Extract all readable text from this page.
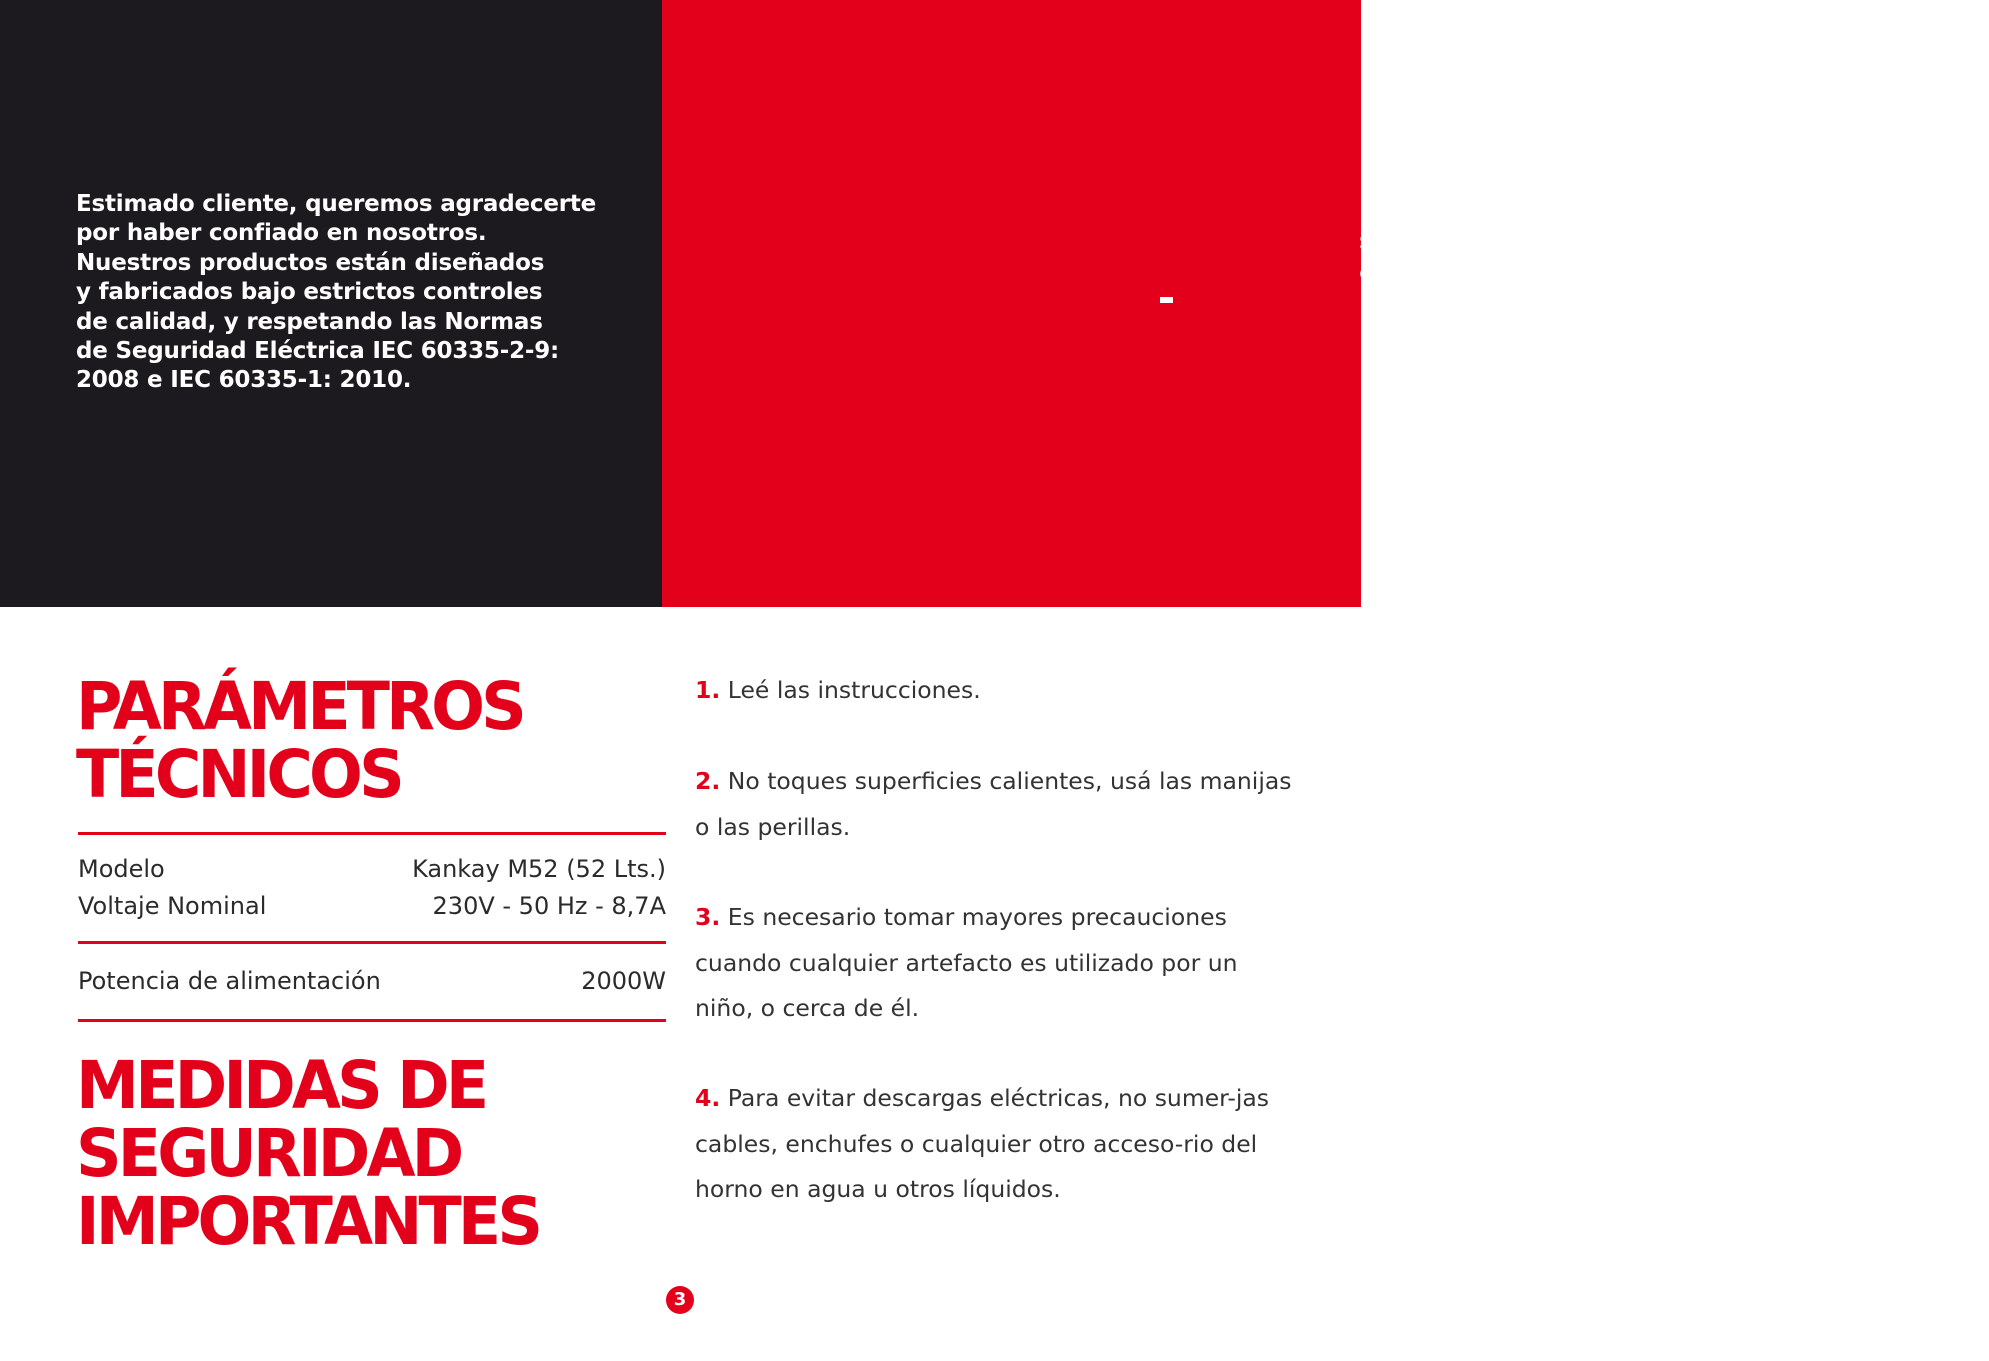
Estimado cliente, queremos agradecerte
por haber confiado en nosotros.
Nuestros productos están diseñados
y fabricados bajo estrictos controles
de calidad, y respetando las Normas
de Seguridad Eléctrica IEC 60335-2-9:
2008 e IEC 60335-1: 2010.

Leé estas importantes instrucciones de
seguridad antes de utilizar el horno elèctric y
conservalas para futura referencia.

PARÁMETROS
TÉCNICOS
Modelo	Kankay M52 (52 Lts.)
Voltaje Nominal	230V - 50 Hz - 8,7A
Potencia de alimentación	2000W
MEDIDAS DE
SEGURIDAD
IMPORTANTES

1. Leé las instrucciones.

2. No toques superficies calientes, usá las manijas o las perillas.

3. Es necesario tomar mayores precauciones cuando cualquier artefacto es utilizado por un niño, o cerca de él.

4. Para evitar descargas eléctricas, no sumer-jas cables, enchufes o cualquier otro acceso-rio del horno en agua u otros líquidos.

3
